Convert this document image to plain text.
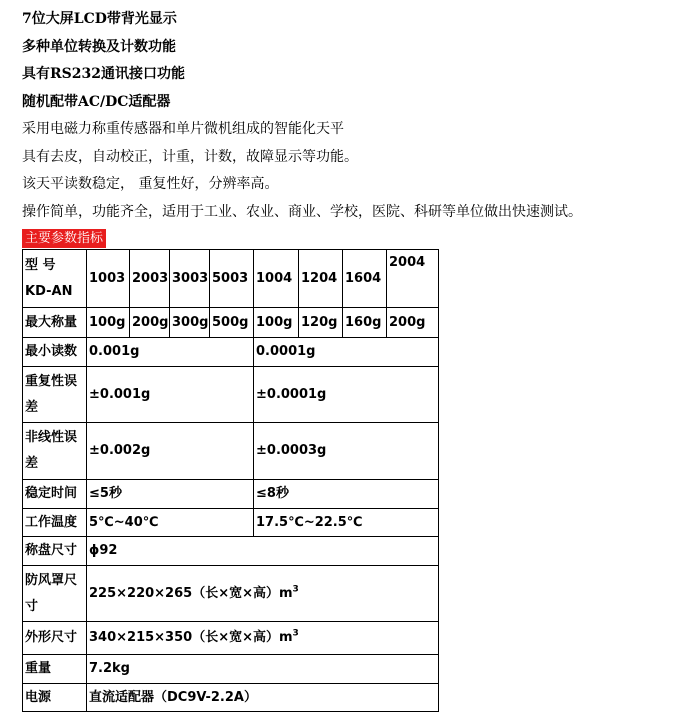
7位大屏LCD带背光显示
多种单位转换及计数功能
具有RS232通讯接口功能
随机配带AC/DC适配器
采用电磁力称重传感器和单片微机组成的智能化天平
具有去皮，自动校正，计重，计数，故障显示等功能。
该天平读数稳定， 重复性好，分辨率高。
操作简单，功能齐全，适用于工业、农业、商业、学校，医院、科研等单位做出快速测试。
主要参数指标
型 号
KD-AN	1003	2003	3003	5003	1004	1204	1604	2004
最大称量	100g	200g	300g	500g	100g	120g	160g	200g
最小读数	0.001g				0.0001g			
重复性误差	±0.001g				±0.0001g			
非线性误差	±0.002g				±0.0003g			
稳定时间	≤5秒				≤8秒			
工作温度	5℃~40℃				17.5℃~22.5℃			
称盘尺寸	ϕ92							
防风罩尺寸	225×220×265（长×宽×高）$m^3$
外形尺寸	340×215×350（长×宽×高）$m^3$
重量	7.2kg							
电源	直流适配器（DC9V-2.2A）							
